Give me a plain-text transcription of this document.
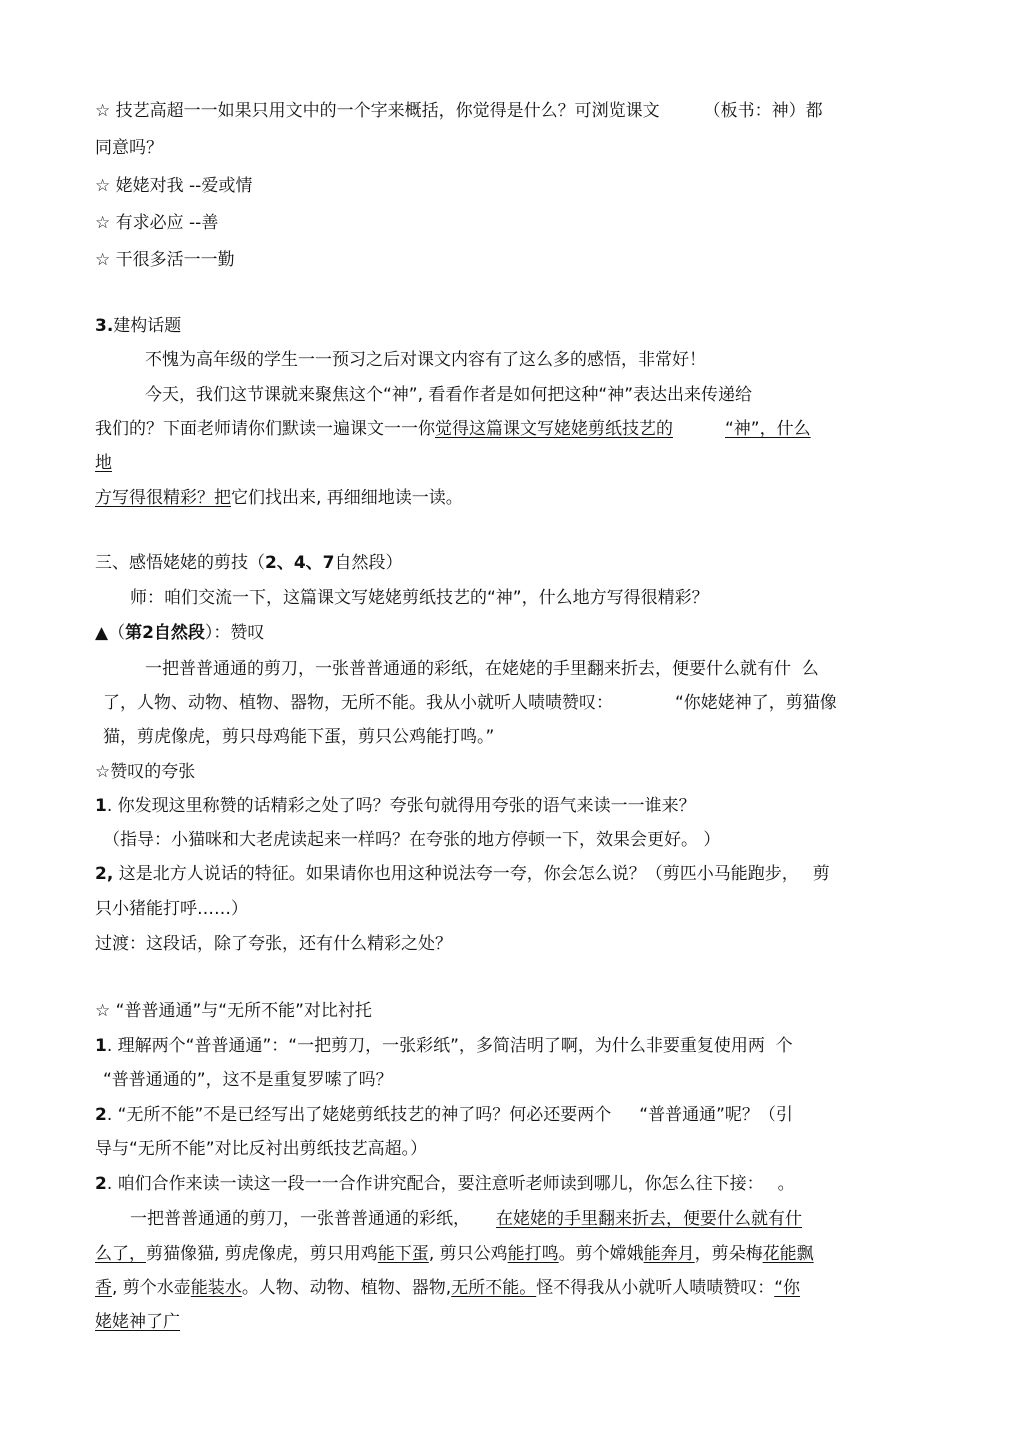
☆ 技艺高超一一如果只用文中的一个字来概括，你觉得是什么？可浏览课文	（板书：神）都
同意吗？
☆ 姥姥对我 --爱或情
☆ 有求必应 --善
☆ 干很多活一一勤
3.建构话题
不愧为高年级的学生一一预习之后对课文内容有了这么多的感悟，非常好！
今天，我们这节课就来聚焦这个“神”, 看看作者是如何把这种“神”表达出来传递给
我们的？下面老师请你们默读一遍课文一一你觉得这篇课文写姥姥剪纸技艺的	“神”，什么
地
方写得很精彩？把它们找出来, 再细细地读一读。
三、感悟姥姥的剪技（2、4、7自然段）
师：咱们交流一下，这篇课文写姥姥剪纸技艺的“神”，什么地方写得很精彩？
▲（第2自然段）：赞叹
一把普普通通的剪刀，一张普普通通的彩纸，在姥姥的手里翻来折去，便要什么就有什  么
了，人物、动物、植物、器物，无所不能。我从小就听人啧啧赞叹：	“你姥姥神了，剪猫像
猫，剪虎像虎，剪只母鸡能下蛋，剪只公鸡能打鸣。”
☆赞叹的夸张
1. 你发现这里称赞的话精彩之处了吗？夸张句就得用夸张的语气来读一一谁来？
（指导：小猫咪和大老虎读起来一样吗？在夸张的地方停顿一下，效果会更好。 ）
2, 这是北方人说话的特征。如果请你也用这种说法夸一夸，你会怎么说？（剪匹小马能跑步， 剪
只小猪能打呼……）
过渡：这段话，除了夸张，还有什么精彩之处？
☆ “普普通通”与“无所不能”对比衬托
1. 理解两个“普普通通”：“一把剪刀，一张彩纸”，多简洁明了啊，为什么非要重复使用两  个
“普普通通的”，这不是重复罗嗦了吗？
2. “无所不能”不是已经写出了姥姥剪纸技艺的神了吗？何必还要两个 “普普通通”呢？（引
导与“无所不能”对比反衬出剪纸技艺高超。）
2. 咱们合作来读一读这一段一一合作讲究配合，要注意听老师读到哪儿，你怎么往下接： 。
一把普普通通的剪刀，一张普普通通的彩纸， 在姥姥的手里翻来折去，便要什么就有什
么了，剪猫像猫, 剪虎像虎，剪只用鸡能下蛋, 剪只公鸡能打鸣。剪个嫦娥能奔月，剪朵梅花能飘
香, 剪个水壶能装水。人物、动物、植物、器物,无所不能。怪不得我从小就听人啧啧赞叹：“你
姥姥神了广
